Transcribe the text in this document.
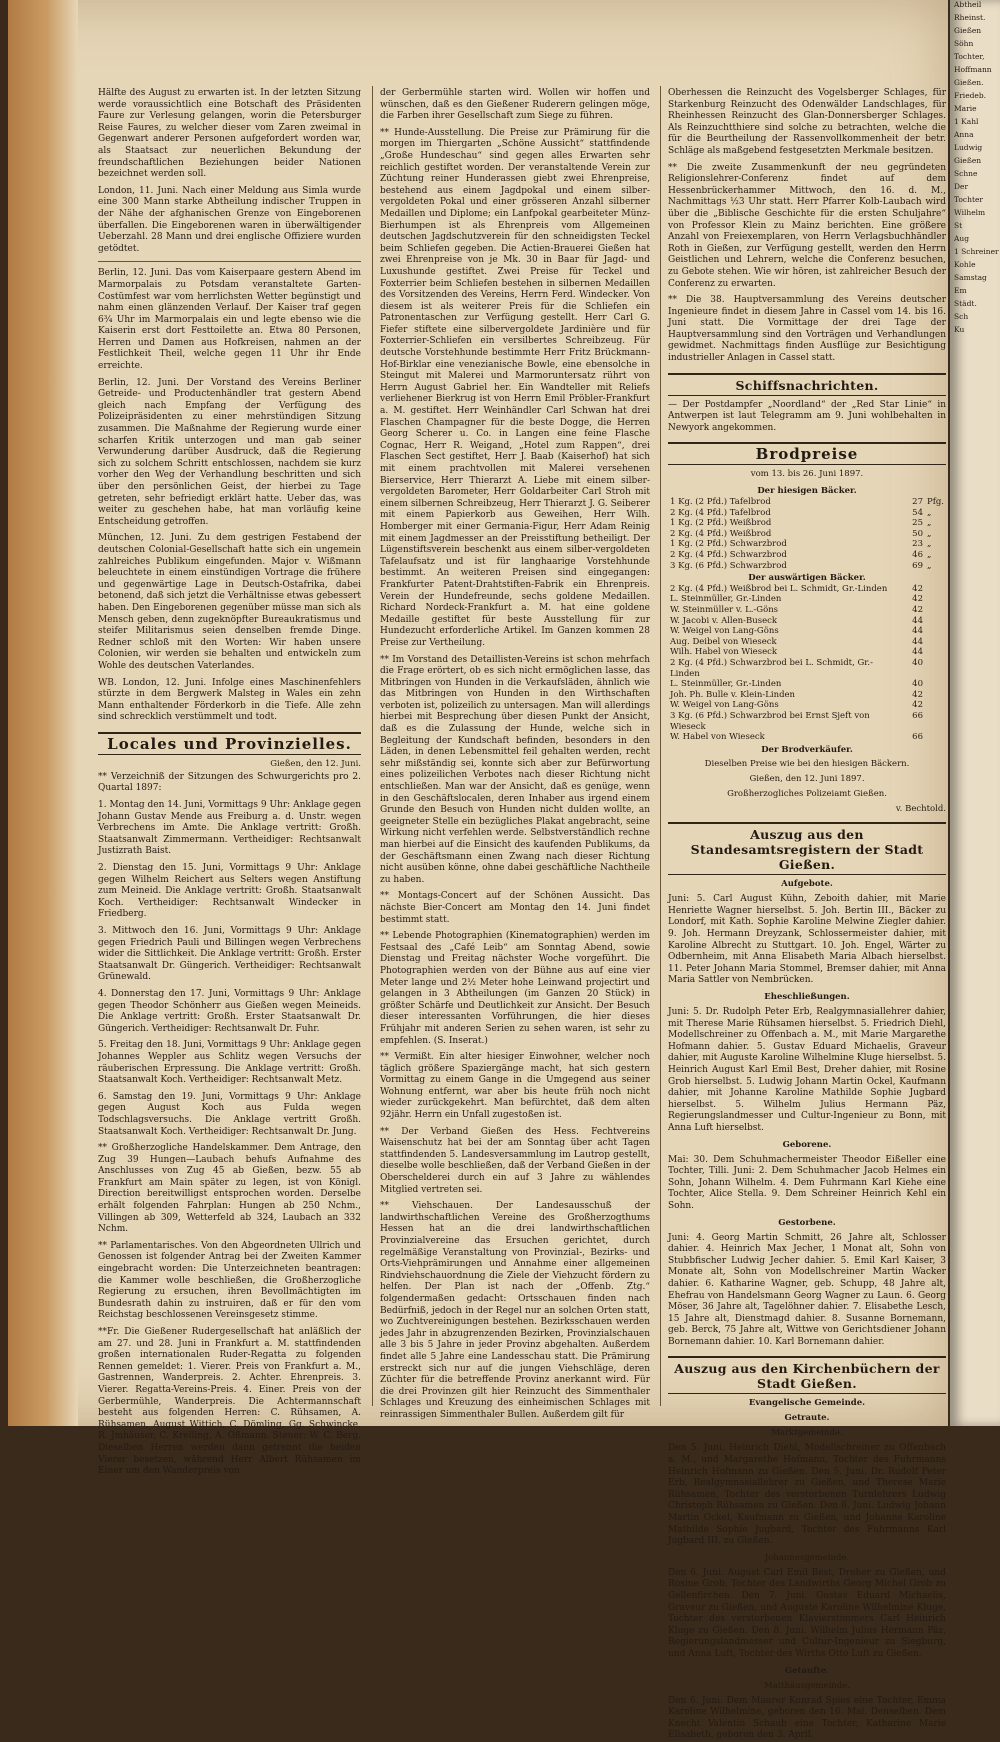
Hälfte des August zu erwarten ist. In der letzten Sitzung werde voraussichtlich eine Botschaft des Präsidenten Faure zur Verlesung gelangen, worin die Petersburger Reise Faures, zu welcher dieser vom Zaren zweimal in Gegenwart anderer Personen aufgefordert worden war, als Staatsact zur neuerlichen Bekundung der freundschaftlichen Beziehungen beider Nationen bezeichnet werden soll.

London, 11. Juni. Nach einer Meldung aus Simla wurde eine 300 Mann starke Abtheilung indischer Truppen in der Nähe der afghanischen Grenze von Eingeborenen überfallen. Die Eingeborenen waren in überwältigender Ueberzahl. 28 Mann und drei englische Offiziere wurden getödtet.

Berlin, 12. Juni. Das vom Kaiserpaare gestern Abend im Marmorpalais zu Potsdam veranstaltete Garten-Costümfest war vom herrlichsten Wetter begünstigt und nahm einen glänzenden Verlauf. Der Kaiser traf gegen 6¾ Uhr im Marmorpalais ein und legte ebenso wie die Kaiserin erst dort Festtoilette an. Etwa 80 Personen, Herren und Damen aus Hofkreisen, nahmen an der Festlichkeit Theil, welche gegen 11 Uhr ihr Ende erreichte.

Berlin, 12. Juni. Der Vorstand des Vereins Berliner Getreide- und Productenhändler trat gestern Abend gleich nach Empfang der Verfügung des Polizeipräsidenten zu einer mehrstündigen Sitzung zusammen. Die Maßnahme der Regierung wurde einer scharfen Kritik unterzogen und man gab seiner Verwunderung darüber Ausdruck, daß die Regierung sich zu solchem Schritt entschlossen, nachdem sie kurz vorher den Weg der Verhandlung beschritten und sich über den persönlichen Geist, der hierbei zu Tage getreten, sehr befriedigt erklärt hatte. Ueber das, was weiter zu geschehen habe, hat man vorläufig keine Entscheidung getroffen.

München, 12. Juni. Zu dem gestrigen Festabend der deutschen Colonial-Gesellschaft hatte sich ein ungemein zahlreiches Publikum eingefunden. Major v. Wißmann beleuchtete in einem einstündigen Vortrage die frühere und gegenwärtige Lage in Deutsch-Ostafrika, dabei betonend, daß sich jetzt die Verhältnisse etwas gebessert haben. Den Eingeborenen gegenüber müsse man sich als Mensch geben, denn zugeknöpfter Bureaukratismus und steifer Militarismus seien denselben fremde Dinge. Redner schloß mit den Worten: Wir haben unsere Colonien, wir werden sie behalten und entwickeln zum Wohle des deutschen Vaterlandes.

WB. London, 12. Juni. Infolge eines Maschinenfehlers stürzte in dem Bergwerk Malsteg in Wales ein zehn Mann enthaltender Förderkorb in die Tiefe. Alle zehn sind schrecklich verstümmelt und todt.

Locales und Provinzielles.
Gießen, den 12. Juni.

** Verzeichniß der Sitzungen des Schwurgerichts pro 2. Quartal 1897:

1. Montag den 14. Juni, Vormittags 9 Uhr: Anklage gegen Johann Gustav Mende aus Freiburg a. d. Unstr. wegen Verbrechens im Amte. Die Anklage vertritt: Großh. Staatsanwalt Zimmermann. Vertheidiger: Rechtsanwalt Justizrath Baist.

2. Dienstag den 15. Juni, Vormittags 9 Uhr: Anklage gegen Wilhelm Reichert aus Selters wegen Anstiftung zum Meineid. Die Anklage vertritt: Großh. Staatsanwalt Koch. Vertheidiger: Rechtsanwalt Windecker in Friedberg.

3. Mittwoch den 16. Juni, Vormittags 9 Uhr: Anklage gegen Friedrich Pauli und Billingen wegen Verbrechens wider die Sittlichkeit. Die Anklage vertritt: Großh. Erster Staatsanwalt Dr. Güngerich. Vertheidiger: Rechtsanwalt Grünewald.

4. Donnerstag den 17. Juni, Vormittags 9 Uhr: Anklage gegen Theodor Schönherr aus Gießen wegen Meineids. Die Anklage vertritt: Großh. Erster Staatsanwalt Dr. Güngerich. Vertheidiger: Rechtsanwalt Dr. Fuhr.

5. Freitag den 18. Juni, Vormittags 9 Uhr: Anklage gegen Johannes Weppler aus Schlitz wegen Versuchs der räuberischen Erpressung. Die Anklage vertritt: Großh. Staatsanwalt Koch. Vertheidiger: Rechtsanwalt Metz.

6. Samstag den 19. Juni, Vormittags 9 Uhr: Anklage gegen August Koch aus Fulda wegen Todschlagsversuchs. Die Anklage vertritt Großh. Staatsanwalt Koch. Vertheidiger: Rechtsanwalt Dr. Jung.

** Großherzogliche Handelskammer. Dem Antrage, den Zug 39 Hungen—Laubach behufs Aufnahme des Anschlusses von Zug 45 ab Gießen, bezw. 55 ab Frankfurt am Main später zu legen, ist von Königl. Direction bereitwilligst entsprochen worden. Derselbe erhält folgenden Fahrplan: Hungen ab 250 Nchm., Villingen ab 309, Wetterfeld ab 324, Laubach an 332 Nchm.

** Parlamentarisches. Von den Abgeordneten Ullrich und Genossen ist folgender Antrag bei der Zweiten Kammer eingebracht worden: Die Unterzeichneten beantragen: die Kammer wolle beschließen, die Großherzogliche Regierung zu ersuchen, ihren Bevollmächtigten im Bundesrath dahin zu instruiren, daß er für den vom Reichstag beschlossenen Vereinsgesetz stimme.

**Fr. Die Gießener Rudergesellschaft hat anläßlich der am 27. und 28. Juni in Frankfurt a. M. stattfindenden großen internationalen Ruder-Regatta zu folgenden Rennen gemeldet: 1. Vierer. Preis von Frankfurt a. M., Gastrennen, Wanderpreis. 2. Achter. Ehrenpreis. 3. Vierer. Regatta-Vereins-Preis. 4. Einer. Preis von der Gerbermühle, Wanderpreis. Die Achtermannschaft besteht aus folgenden Herren: C. Rühsamen, A. Rühsamen, August Wittich, C. Dömling, Gg. Schwincke, R. Jmhäuser, C. Krelling, A. Oßmann. Steuer: W. C. Berg. Dieselben Herren werden dann getrennt die beiden Vierer besetzen, während Herr Albert Rühsamen im Einer um den Wanderpreis von

der Gerbermühle starten wird. Wollen wir hoffen und wünschen, daß es den Gießener Ruderern gelingen möge, die Farben ihrer Gesellschaft zum Siege zu führen.

** Hunde-Ausstellung. Die Preise zur Prämirung für die morgen im Thiergarten „Schöne Aussicht“ stattfindende „Große Hundeschau“ sind gegen alles Erwarten sehr reichlich gestiftet worden. Der veranstaltende Verein zur Züchtung reiner Hunderassen giebt zwei Ehrenpreise, bestehend aus einem Jagdpokal und einem silber-vergoldeten Pokal und einer grösseren Anzahl silberner Medaillen und Diplome; ein Lanfpokal gearbeiteter Münz-Bierhumpen ist als Ehrenpreis vom Allgemeinen deutschen Jagdschutzverein für den schneidigsten Teckel beim Schliefen gegeben. Die Actien-Brauerei Gießen hat zwei Ehrenpreise von je Mk. 30 in Baar für Jagd- und Luxushunde gestiftet. Zwei Preise für Teckel und Foxterrier beim Schliefen bestehen in silbernen Medaillen des Vorsitzenden des Vereins, Herrn Ferd. Windecker. Von diesem ist als weiterer Preis für die Schliefen ein Patronentaschen zur Verfügung gestellt. Herr Carl G. Fiefer stiftete eine silbervergoldete Jardinière und für Foxterrier-Schliefen ein versilbertes Schreibzeug. Für deutsche Vorstehhunde bestimmte Herr Fritz Brückmann-Hof-Birklar eine venezianische Bowle, eine ebensolche in Steingut mit Malerei und Marmoruntersatz rührt von Herrn August Gabriel her. Ein Wandteller mit Reliefs verliehener Bierkrug ist von Herrn Emil Pröbler-Frankfurt a. M. gestiftet. Herr Weinhändler Carl Schwan hat drei Flaschen Champagner für die beste Dogge, die Herren Georg Scherer u. Co. in Langen eine feine Flasche Cognac, Herr R. Weigand, „Hotel zum Rappen“, drei Flaschen Sect gestiftet, Herr J. Baab (Kaiserhof) hat sich mit einem prachtvollen mit Malerei versehenen Bierservice, Herr Thierarzt A. Liebe mit einem silber-vergoldeten Barometer, Herr Goldarbeiter Carl Stroh mit einem silbernen Schreibzeug, Herr Thierarzt J. G. Seiberer mit einem Papierkorb aus Geweihen, Herr Wilh. Homberger mit einer Germania-Figur, Herr Adam Reinig mit einem Jagdmesser an der Preisstiftung betheiligt. Der Lügenstiftsverein beschenkt aus einem silber-vergoldeten Tafelaufsatz und ist für langhaarige Vorstehhunde bestimmt. An weiteren Preisen sind eingegangen: Frankfurter Patent-Drahtstiften-Fabrik ein Ehrenpreis. Verein der Hundefreunde, sechs goldene Medaillen. Richard Nordeck-Frankfurt a. M. hat eine goldene Medaille gestiftet für beste Ausstellung für zur Hundezucht erforderliche Artikel. Im Ganzen kommen 28 Preise zur Vertheilung.

** Im Vorstand des Detaillisten-Vereins ist schon mehrfach die Frage erörtert, ob es sich nicht ermöglichen lasse, das Mitbringen von Hunden in die Verkaufsläden, ähnlich wie das Mitbringen von Hunden in den Wirthschaften verboten ist, polizeilich zu untersagen. Man will allerdings hierbei mit Besprechung über diesen Punkt der Ansicht, daß es die Zulassung der Hunde, welche sich in Begleitung der Kundschaft befinden, besonders in den Läden, in denen Lebensmittel feil gehalten werden, recht sehr mißständig sei, konnte sich aber zur Befürwortung eines polizeilichen Verbotes nach dieser Richtung nicht entschließen. Man war der Ansicht, daß es genüge, wenn in den Geschäftslocalen, deren Inhaber aus irgend einem Grunde den Besuch von Hunden nicht dulden wollte, an geeigneter Stelle ein bezügliches Plakat angebracht, seine Wirkung nicht verfehlen werde. Selbstverständlich rechne man hierbei auf die Einsicht des kaufenden Publikums, da der Geschäftsmann einen Zwang nach dieser Richtung nicht ausüben könne, ohne dabei geschäftliche Nachtheile zu haben.

** Montags-Concert auf der Schönen Aussicht. Das nächste Bier-Concert am Montag den 14. Juni findet bestimmt statt.

** Lebende Photographien (Kinematographien) werden im Festsaal des „Café Leib“ am Sonntag Abend, sowie Dienstag und Freitag nächster Woche vorgeführt. Die Photographien werden von der Bühne aus auf eine vier Meter lange und 2½ Meter hohe Leinwand projectirt und gelangen in 3 Abtheilungen (im Ganzen 20 Stück) in größter Schärfe und Deutlichkeit zur Ansicht. Der Besuch dieser interessanten Vorführungen, die hier dieses Frühjahr mit anderen Serien zu sehen waren, ist sehr zu empfehlen. (S. Inserat.)

** Vermißt. Ein alter hiesiger Einwohner, welcher noch täglich größere Spaziergänge macht, hat sich gestern Vormittag zu einem Gange in die Umgegend aus seiner Wohnung entfernt, war aber bis heute früh noch nicht wieder zurückgekehrt. Man befürchtet, daß dem alten 92jähr. Herrn ein Unfall zugestoßen ist.

** Der Verband Gießen des Hess. Fechtvereins Waisenschutz hat bei der am Sonntag über acht Tagen stattfindenden 5. Landesversammlung im Lautrop gestellt, dieselbe wolle beschließen, daß der Verband Gießen in der Oberschelderei durch ein auf 3 Jahre zu wählendes Mitglied vertreten sei.

** Viehschauen. Der Landesausschuß der landwirthschaftlichen Vereine des Großherzogthums Hessen hat an die drei landwirthschaftlichen Provinzialvereine das Ersuchen gerichtet, durch regelmäßige Veranstaltung von Provinzial-, Bezirks- und Orts-Viehprämirungen und Annahme einer allgemeinen Rindviehschauordnung die Ziele der Viehzucht fördern zu helfen. Der Plan ist nach der „Offenb. Ztg.“ folgendermaßen gedacht: Ortsschauen finden nach Bedürfniß, jedoch in der Regel nur an solchen Orten statt, wo Zuchtvereinigungen bestehen. Bezirksschauen werden jedes Jahr in abzugrenzenden Bezirken, Provinzialschauen alle 3 bis 5 Jahre in jeder Provinz abgehalten. Außerdem findet alle 5 Jahre eine Landesschau statt. Die Prämirung erstreckt sich nur auf die jungen Viehschläge, deren Züchter für die betreffende Provinz anerkannt wird. Für die drei Provinzen gilt hier Reinzucht des Simmenthaler Schlages und Kreuzung des einheimischen Schlages mit reinrassigen Simmenthaler Bullen. Außerdem gilt für

Oberhessen die Reinzucht des Vogelsberger Schlages, für Starkenburg Reinzucht des Odenwälder Landschlages, für Rheinhessen Reinzucht des Glan-Donnersberger Schlages. Als Reinzuchtthiere sind solche zu betrachten, welche die für die Beurtheilung der Rassenvollkommenheit der betr. Schläge als maßgebend festgesetzten Merkmale besitzen.

** Die zweite Zusammenkunft der neu gegründeten Religionslehrer-Conferenz findet auf dem Hessenbrückerhammer Mittwoch, den 16. d. M., Nachmittags ½3 Uhr statt. Herr Pfarrer Kolb-Laubach wird über die „Biblische Geschichte für die ersten Schuljahre“ von Professor Klein zu Mainz berichten. Eine größere Anzahl von Freiexemplaren, von Herrn Verlagsbuchhändler Roth in Gießen, zur Verfügung gestellt, werden den Herrn Geistlichen und Lehrern, welche die Conferenz besuchen, zu Gebote stehen. Wie wir hören, ist zahlreicher Besuch der Conferenz zu erwarten.

** Die 38. Hauptversammlung des Vereins deutscher Ingenieure findet in diesem Jahre in Cassel vom 14. bis 16. Juni statt. Die Vormittage der drei Tage der Hauptversammlung sind den Vorträgen und Verhandlungen gewidmet. Nachmittags finden Ausflüge zur Besichtigung industrieller Anlagen in Cassel statt.

Schiffsnachrichten.

— Der Postdampfer „Noordland“ der „Red Star Linie“ in Antwerpen ist laut Telegramm am 9. Juni wohlbehalten in Newyork angekommen.

Brodpreise
vom 13. bis 26. Juni 1897.
Der hiesigen Bäcker.		
1 Kg. (2 Pfd.) Tafelbrod	27	Pfg.
2 Kg. (4 Pfd.) Tafelbrod	54	„
1 Kg. (2 Pfd.) Weißbrod	25	„
2 Kg. (4 Pfd.) Weißbrod	50	„
1 Kg. (2 Pfd.) Schwarzbrod	23	„
2 Kg. (4 Pfd.) Schwarzbrod	46	„
3 Kg. (6 Pfd.) Schwarzbrod	69	„
Der auswärtigen Bäcker.		
2 Kg. (4 Pfd.) Weißbrod bei L. Schmidt, Gr.-Linden	42	
L. Steinmüller, Gr.-Linden	42	
W. Steinmüller v. L.-Göns	42	
W. Jacobi v. Allen-Buseck	44	
W. Weigel von Lang-Göns	44	
Aug. Deibel von Wieseck	44	
Wilh. Habel von Wieseck	44	
2 Kg. (4 Pfd.) Schwarzbrod bei L. Schmidt, Gr.-Linden	40	
L. Steinmüller, Gr.-Linden	40	
Joh. Ph. Bulle v. Klein-Linden	42	
W. Weigel von Lang-Göns	42	
3 Kg. (6 Pfd.) Schwarzbrod bei Ernst Sjeft von Wieseck	66	
W. Habel von Wieseck	66	
Der Brodverkäufer.		
Dieselben Preise wie bei den hiesigen Bäckern.
Gießen, den 12. Juni 1897.
Großherzogliches Polizeiamt Gießen.
v. Bechtold.
Auszug aus den Standesamtsregistern der Stadt Gießen.
Aufgebote.

Juni: 5. Carl August Kühn, Zeboith dahier, mit Marie Henriette Wagner hierselbst. 5. Joh. Bertin III., Bäcker zu Londorf, mit Kath. Sophie Karoline Melwine Ziegler dahier. 9. Joh. Hermann Dreyzank, Schlossermeister dahier, mit Karoline Albrecht zu Stuttgart. 10. Joh. Engel, Wärter zu Odbernheim, mit Anna Elisabeth Maria Albach hierselbst. 11. Peter Johann Maria Stommel, Bremser dahier, mit Anna Maria Sattler von Nembrücken.

Eheschließungen.

Juni: 5. Dr. Rudolph Peter Erb, Realgymnasiallehrer dahier, mit Therese Marie Rühsamen hierselbst. 5. Friedrich Diehl, Modellschreiner zu Offenbach a. M., mit Marie Margarethe Hofmann dahier. 5. Gustav Eduard Michaelis, Graveur dahier, mit Auguste Karoline Wilhelmine Kluge hierselbst. 5. Heinrich August Karl Emil Best, Dreher dahier, mit Rosine Grob hierselbst. 5. Ludwig Johann Martin Ockel, Kaufmann dahier, mit Johanne Karoline Mathilde Sophie Jugbard hierselbst. 5. Wilhelm Julius Hermann Päz, Regierungslandmesser und Cultur-Ingenieur zu Bonn, mit Anna Luft hierselbst.

Geborene.

Mai: 30. Dem Schuhmachermeister Theodor Eißeller eine Tochter, Tilli. Juni: 2. Dem Schuhmacher Jacob Helmes ein Sohn, Johann Wilhelm. 4. Dem Fuhrmann Karl Kiehe eine Tochter, Alice Stella. 9. Dem Schreiner Heinrich Kehl ein Sohn.

Gestorbene.

Juni: 4. Georg Martin Schmitt, 26 Jahre alt, Schlosser dahier. 4. Heinrich Max Jecher, 1 Monat alt, Sohn von Stubbfischer Ludwig Jecher dahier. 5. Emil Karl Kaiser, 3 Monate alt, Sohn von Modellschreiner Martin Wacker dahier. 6. Katharine Wagner, geb. Schupp, 48 Jahre alt, Ehefrau von Handelsmann Georg Wagner zu Laun. 6. Georg Möser, 36 Jahre alt, Tagelöhner dahier. 7. Elisabethe Lesch, 15 Jahre alt, Dienstmagd dahier. 8. Susanne Bornemann, geb. Berck, 75 Jahre alt, Wittwe von Gerichtsdiener Johann Bornemann dahier. 10. Karl Bornemann dahier.

Auszug aus den Kirchenbüchern der Stadt Gießen.
Evangelische Gemeinde.
Getraute.
Marktgemeinde.

Den 5. Juni. Heinrich Diehl, Modellschreiner zu Offenbach a. M., und Margarethe Hofmann, Tochter des Fuhrmanns Heinrich Hofmann zu Gießen. Den 5. Juni. Dr. Rudolf Peter Erb, Realgymnasiallehrer zu Gießen, und Therese Marie Rühsamen, Tochter des verstorbenen Turnlehrers Ludwig Christoph Rühsamen zu Gießen. Den 6. Juni. Ludwig Johann Martin Ockel, Kaufmann zu Gießen, und Johanne Karoline Mathilde Sophie Jugbard, Tochter des Fuhrmanns Karl Jugbard III. zu Gießen.

Johannesgemeinde.

Den 6. Juni. August Carl Emil Best, Dreher zu Gießen, und Rosine Grob, Tochter des Landwirths Georg Michel Grob zu Gellenfirchen. Den 7. Juni. Gustav Eduard Michaelis, Graveur zu Gießen, und Auguste Karoline Wilhelmine Kluge, Tochter des verstorbenen Klavierstimmers Carl Heinrich Kluge zu Gießen. Den 8. Juni. Wilhelm Julius Hermann Päz, Regierungslandmesser und Cultur-Ingenieur zu Siegburg, und Anna Luft, Tochter des Wirths Otto Luft zu Gießen.

Getaufte.
Matthäusgemeinde.

Den 6. Juni. Dem Maurer Konrad Spies eine Tochter, Emma Karoline Wilhelmine, geboren den 16. Mai. Denselben. Dem Knecht Valentin Schaub eine Tochter, Katharine Marie Elisabeth, geboren den 3. April.

Abtheil

Rheinst.

Gießen

Söhn

Tochter,

Hoffmann

Gießen.

Friedeb.

Marie

1 Kahl

Anna

Ludwig

Gießen

Schne

Der

Tochter

Wilhelm

St

Aug

1 Schreiner

Kohle

Samstag

Em

Städt.

Sch

Ku
